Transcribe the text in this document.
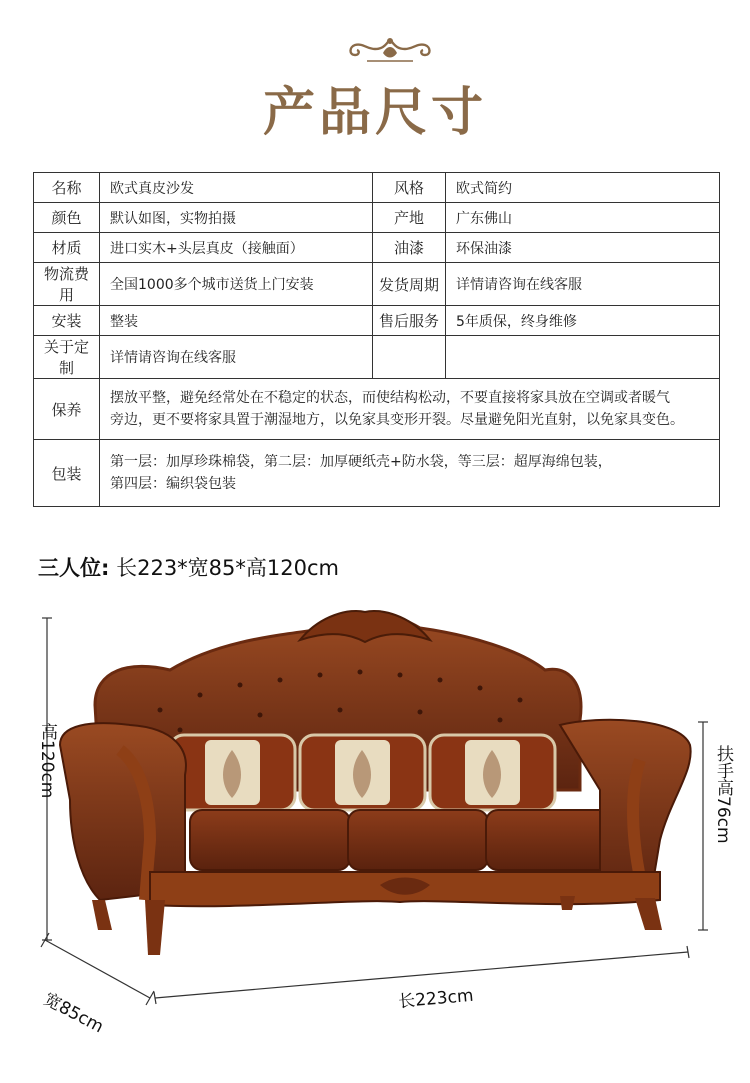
产品尺寸
名称	欧式真皮沙发	风格	欧式简约
颜色	默认如图，实物拍摄	产地	广东佛山
材质	进口实木+头层真皮（接触面）	油漆	环保油漆
物流费用	全国1000多个城市送货上门安装	发货周期	详情请咨询在线客服
安装	整装	售后服务	5年质保，终身维修
关于定制	详情请咨询在线客服		
保养	摆放平整，避免经常处在不稳定的状态，而使结构松动，不要直接将家具放在空调或者暖气
旁边，更不要将家具置于潮湿地方，以免家具变形开裂。尽量避免阳光直射，以免家具变色。		

包装	第一层：加厚珍珠棉袋，第二层：加厚硬纸壳+防水袋，等三层：超厚海绵包装，
第四层：编织袋包装		
三人位: 长223*宽85*高120cm
高120cm	扶手高76cm
宽85cm	长223cm
